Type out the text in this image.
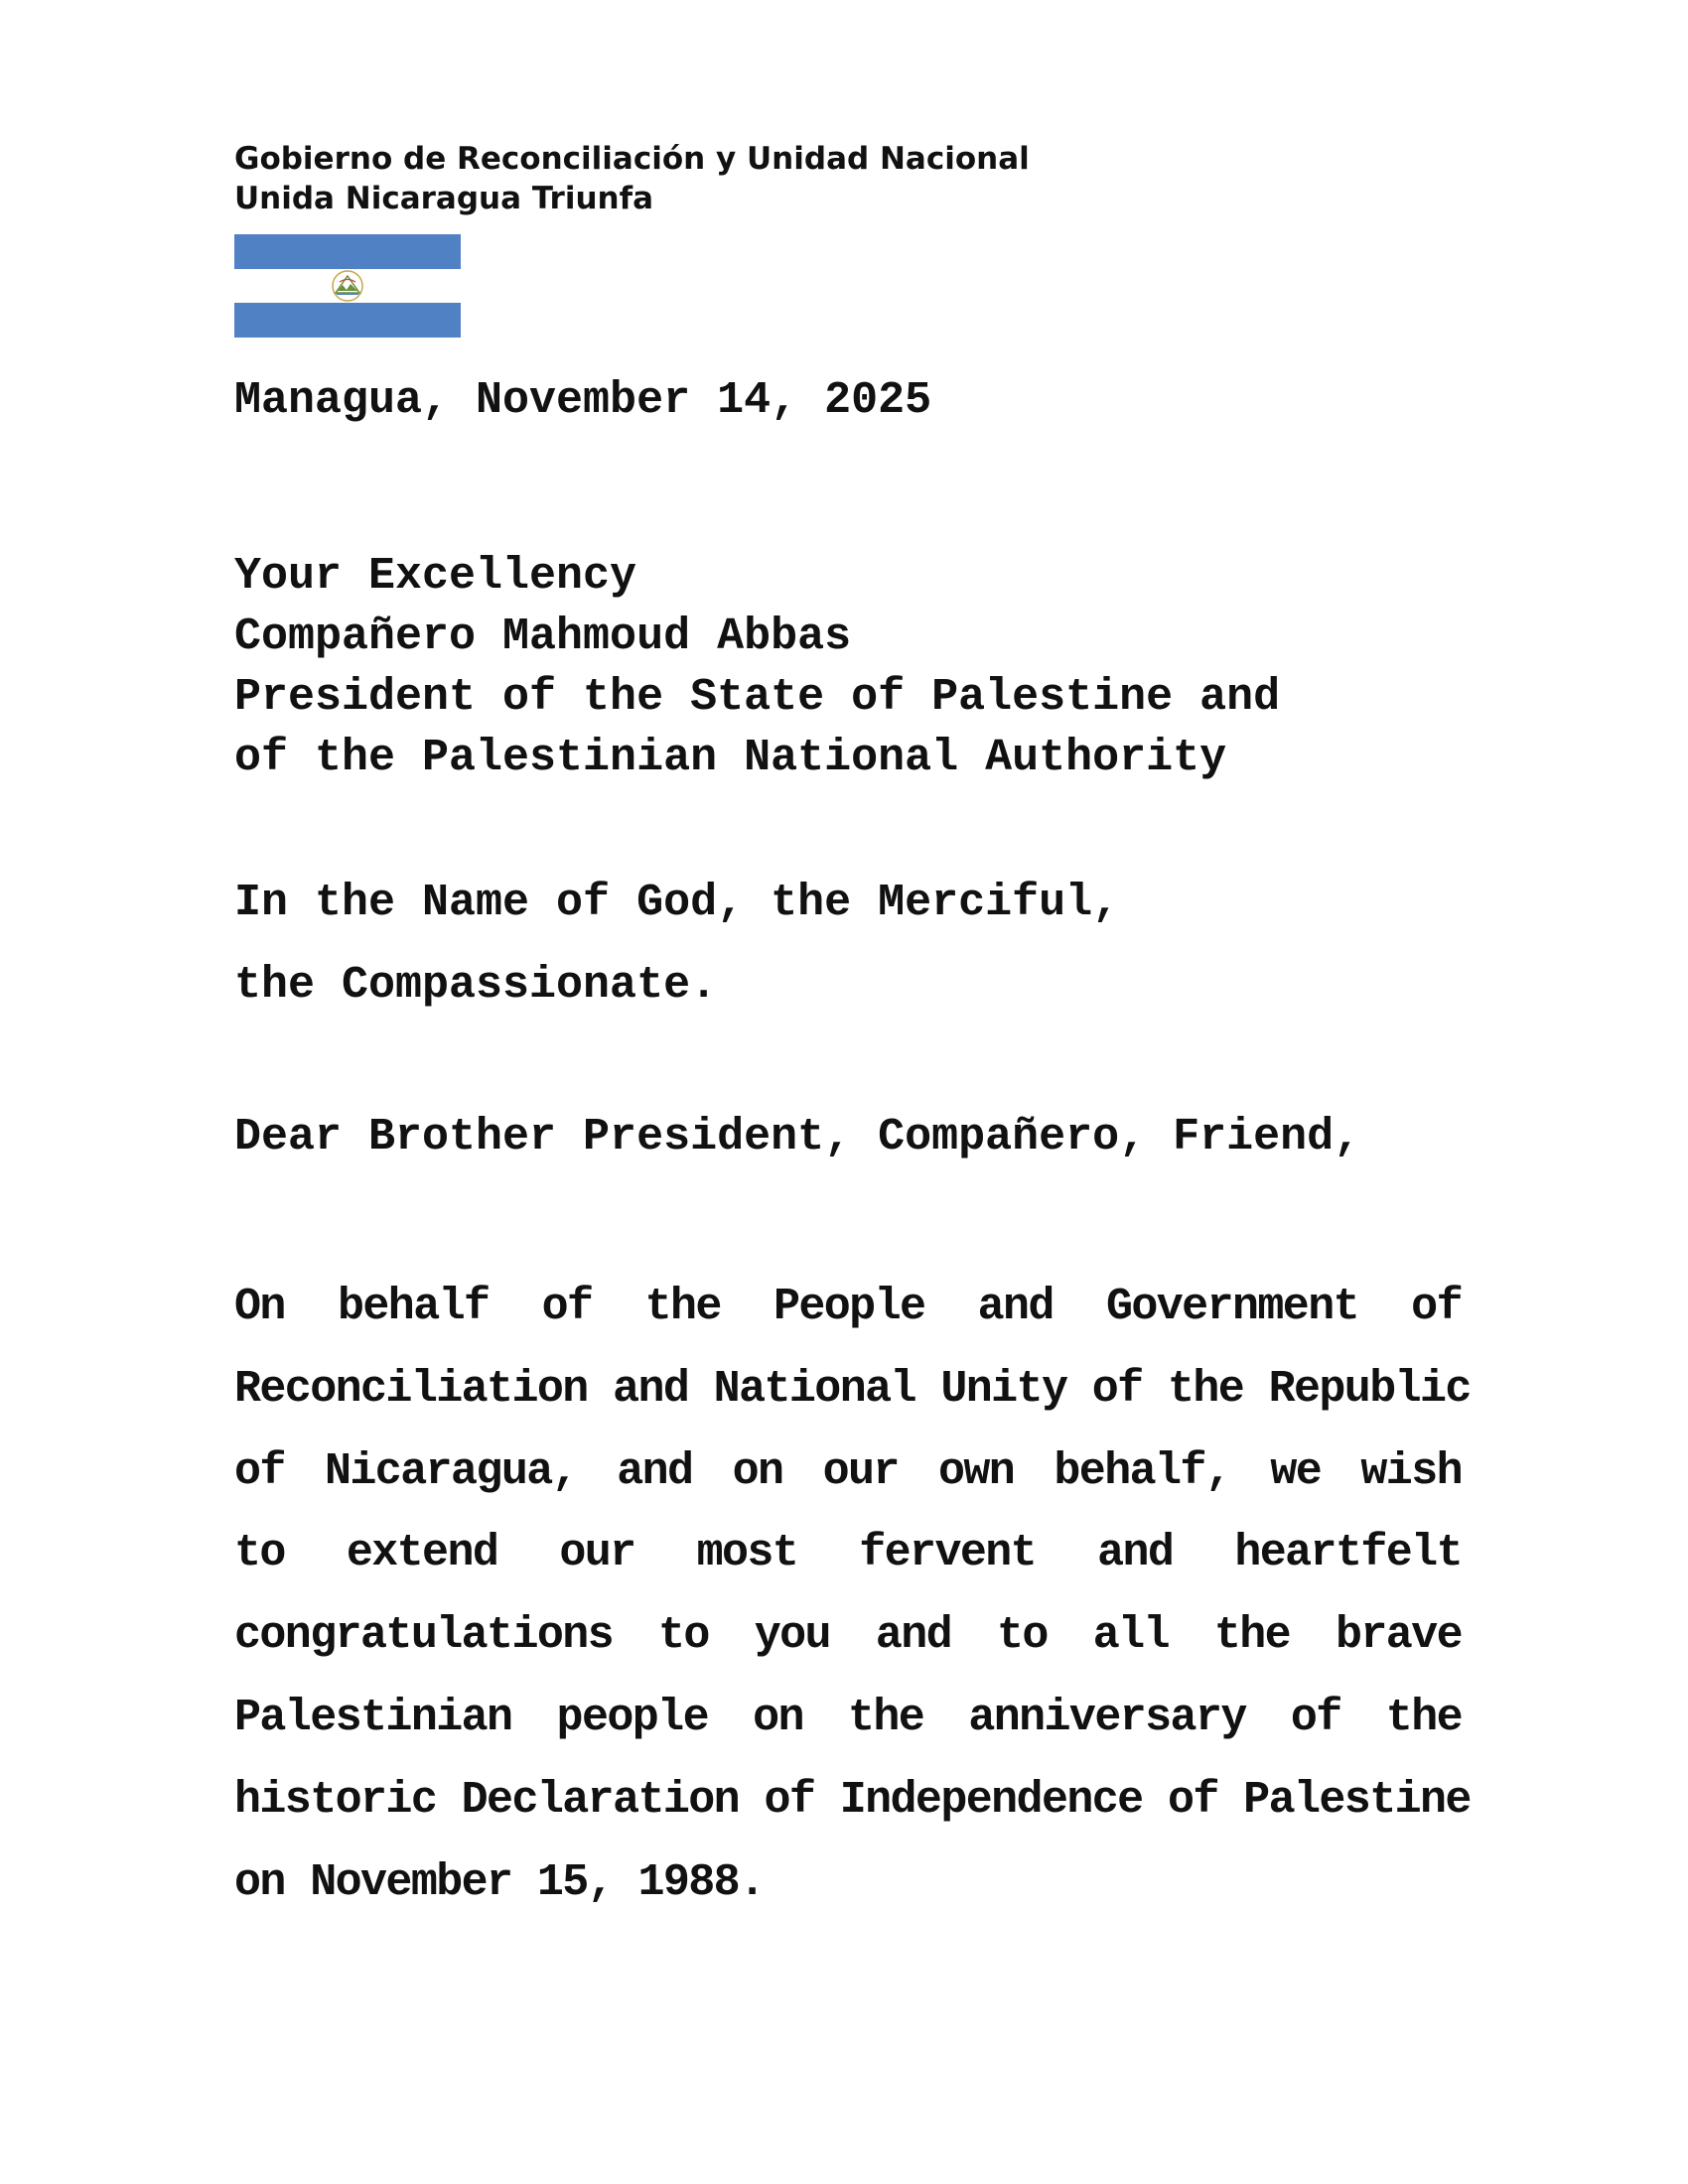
Gobierno de Reconciliación y Unidad Nacional
Unida Nicaragua Triunfa
Managua, November 14, 2025
Your Excellency
Compañero Mahmoud Abbas
President of the State of Palestine and
of the Palestinian National Authority
In the Name of God, the Merciful,
the Compassionate.
Dear Brother President, Compañero, Friend,
On behalf of the People and Government of
Reconciliation and National Unity of the Republic
of Nicaragua, and on our own behalf, we wish
to extend our most fervent and heartfelt
congratulations to you and to all the brave
Palestinian people on the anniversary of the
historic Declaration of Independence of Palestine
on November 15, 1988.
